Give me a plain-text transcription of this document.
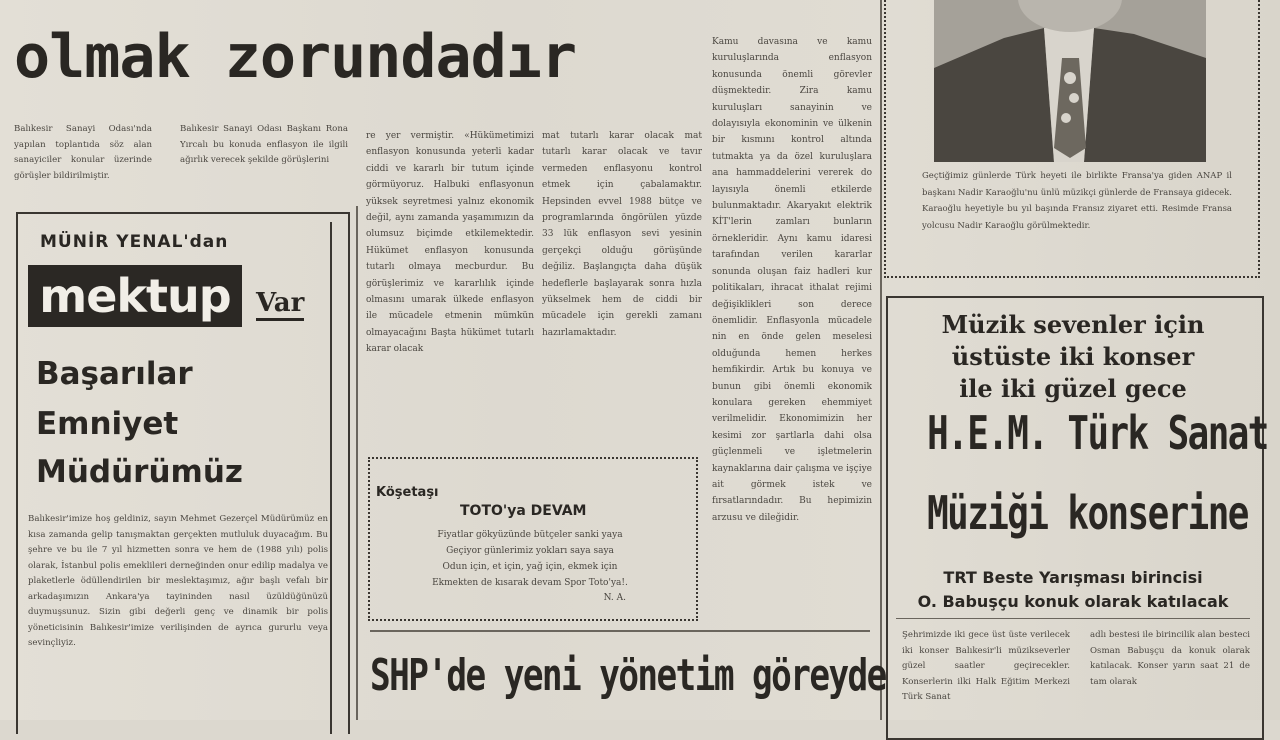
olmak zorundadır

Balıkesir Sanayi Odası'nda yapılan toplantıda söz alan sanayiciler konular üzerinde görüşler bildirilmiştir.

Balıkesir Sanayi Odası Başkanı Rona Yırcalı bu konuda enflasyon ile ilgili ağırlık verecek şekilde görüşlerini

MÜNİR YENAL'dan
mektup Var
Başarılar
Emniyet
Müdürümüz

Balıkesir'imize hoş geldiniz, sayın Mehmet Gezerçel Müdürümüz en kısa zamanda gelip tanışmaktan gerçekten mutluluk duyacağım. Bu şehre ve bu ile 7 yıl hizmetten sonra ve hem de (1988 yılı) polis olarak, İstanbul polis emeklileri derneğinden onur edilip madalya ve plaketlerle ödüllendirilen bir meslektaşımız, ağır başlı vefalı bir arkadaşımızın Ankara'ya tayininden nasıl üzüldüğünüzü duymuşsunuz. Sizin gibi değerli genç ve dinamik bir polis yöneticisinin Balıkesir'imize verilişinden de ayrıca gururlu veya sevinçliyiz.

re yer vermiştir. «Hükümetimizi enflasyon konusunda yeterli kadar ciddi ve kararlı bir tutum içinde görmüyoruz. Halbuki enflasyonun yüksek seyretmesi yalnız ekonomik değil, aynı zamanda yaşamımızın da olumsuz biçimde etkilemektedir. Hükümet enflasyon konusunda tutarlı olmaya mecburdur. Bu görüşlerimiz ve kararlılık içinde olmasını umarak ülkede enflasyon ile mücadele etmenin mümkün olmayacağını Başta hükümet tutarlı karar olacak

mat tutarlı karar olacak mat tutarlı karar olacak ve tavır vermeden enflasyonu kontrol etmek için çabalamaktır. Hepsinden evvel 1988 bütçe ve programlarında öngörülen yüzde 33 lük enflasyon sevi yesinin gerçekçi olduğu görüşünde değiliz. Başlangıçta daha düşük hedeflerle başlayarak sonra hızla yükselmek hem de ciddi bir mücadele için gerekli zamanı hazırlamaktadır.

Kamu davasına ve kamu kuruluşlarında enflasyon konusunda önemli görevler düşmektedir. Zira kamu kuruluşları sanayinin ve dolayısıyla ekonominin ve ülkenin bir kısmını kontrol altında tutmakta ya da özel kuruluşlara ana hammaddelerini vererek do layısıyla önemli etkilerde bulunmaktadır. Akaryakıt elektrik KİT'lerin zamları bunların örnekleridir. Aynı kamu idaresi tarafından verilen kararlar sonunda oluşan faiz hadleri kur politikaları, ihracat ithalat rejimi değişiklikleri son derece önemlidir. Enflasyonla mücadele nin en önde gelen meselesi olduğunda hemen herkes hemfikirdir. Artık bu konuya ve bunun gibi önemli ekonomik konulara gereken ehemmiyet verilmelidir. Ekonomimizin her kesimi zor şartlarla dahi olsa güçlenmeli ve işletmelerin kaynaklarına dair çalışma ve işçiye ait görmek istek ve fırsatlarındadır. Bu hepimizin arzusu ve dileğidir.

Köşetaşı
TOTO'ya DEVAM
Fiyatlar gökyüzünde bütçeler sanki yaya
Geçiyor günlerimiz yokları saya saya
Odun için, et için, yağ için, ekmek için
Ekmekten de kısarak devam Spor Toto'ya!.
N. A.
SHP'de yeni yönetim göreyde
Geçtiğimiz günlerde Türk heyeti ile birlikte Fransa'ya giden ANAP il başkanı Nadir Karaoğlu'nu ünlü müzikçi günlerde de Fransaya gidecek. Karaoğlu heyetiyle bu yıl başında Fransız ziyaret etti. Resimde Fransa yolcusu Nadir Karaoğlu görülmektedir.
Müzik sevenler için
üstüste iki konser
ile iki güzel gece
H.E.M. Türk Sanat
Müziği konserine
TRT Beste Yarışması birincisi
O. Babuşçu konuk olarak katılacak

Şehrimizde iki gece üst üste verilecek iki konser Balıkesir'li müzikseverler güzel saatler geçirecekler. Konserlerin ilki Halk Eğitim Merkezi Türk Sanat

adlı bestesi ile birincilik alan besteci Osman Babuşçu da konuk olarak katılacak. Konser yarın saat 21 de tam olarak
